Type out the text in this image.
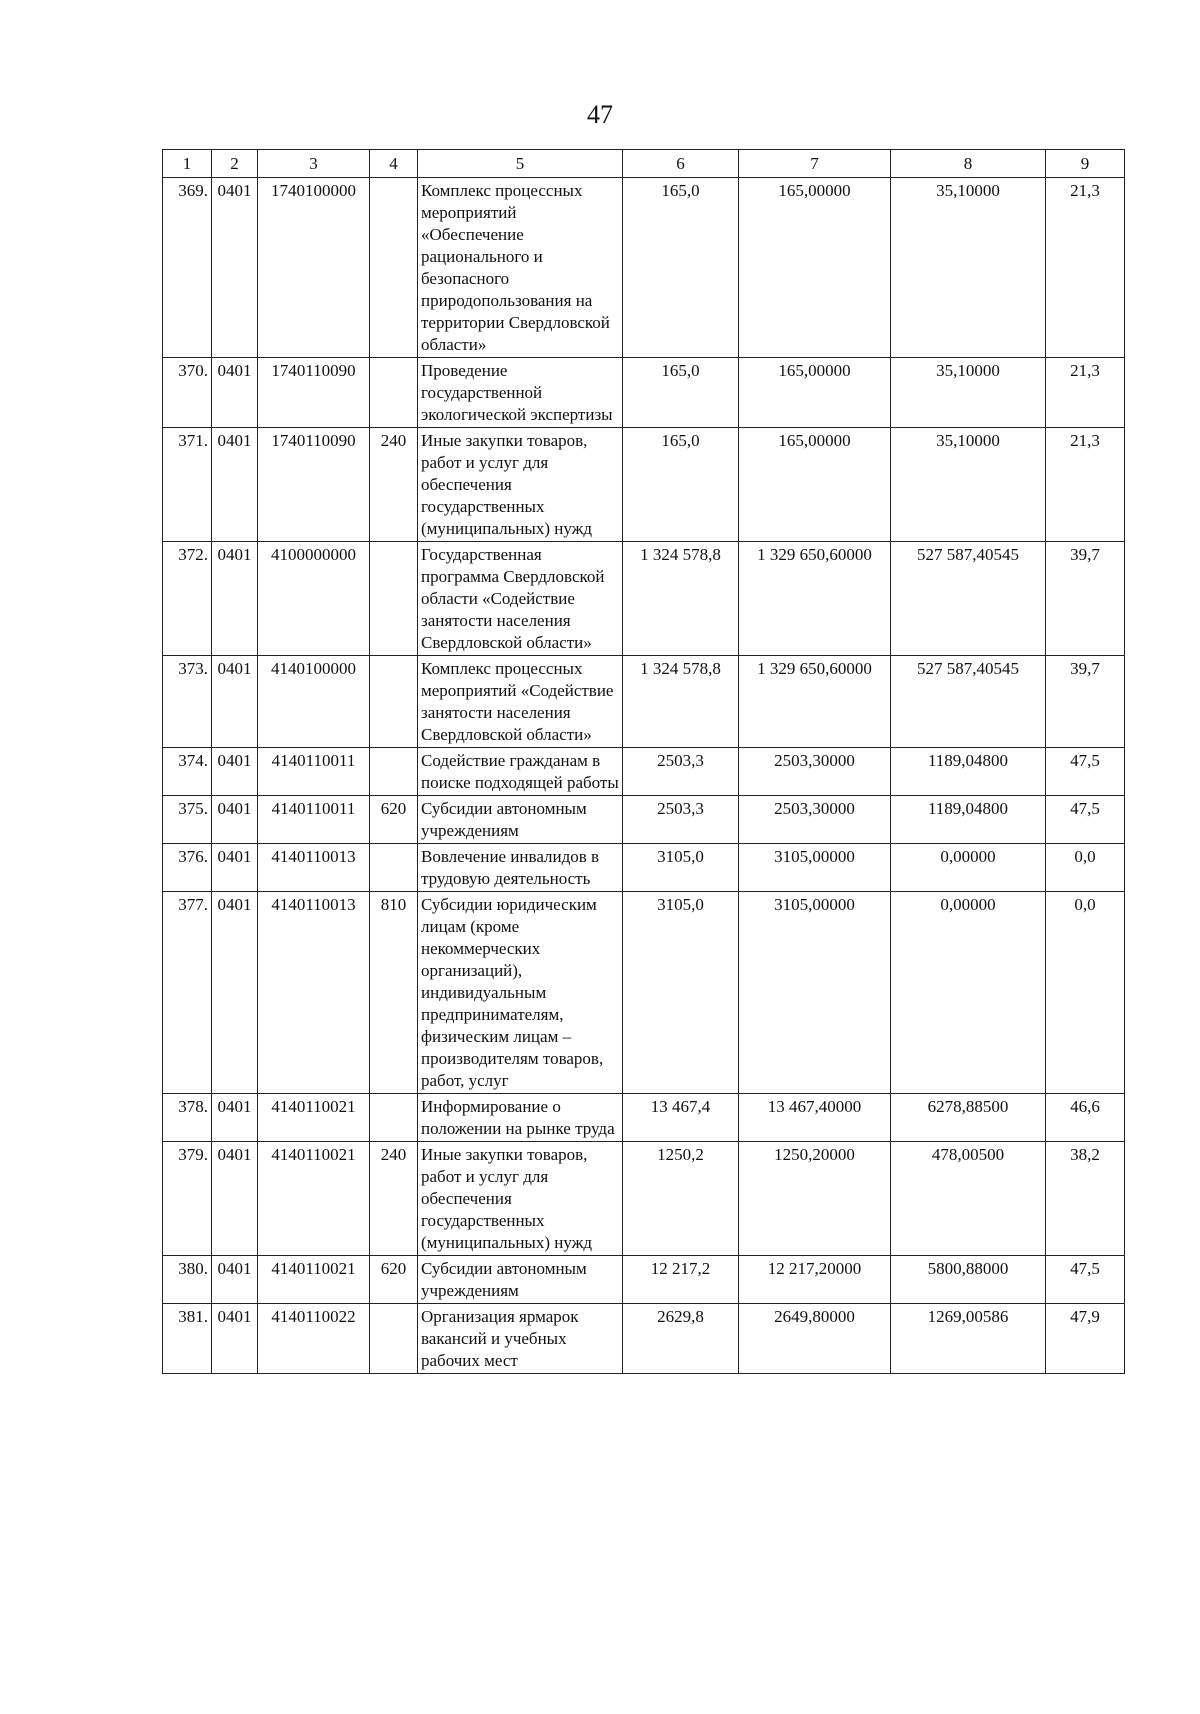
47
1	2	3	4	5	6	7	8	9
369.	0401	1740100000		Комплекс процессных мероприятий «Обеспечение рационального и безопасного природопользования на территории Свердловской области»	165,0	165,00000	35,10000	21,3
370.	0401	1740110090		Проведение государственной экологической экспертизы	165,0	165,00000	35,10000	21,3
371.	0401	1740110090	240	Иные закупки товаров, работ и услуг для обеспечения государственных (муниципальных) нужд	165,0	165,00000	35,10000	21,3
372.	0401	4100000000		Государственная программа Свердловской области «Содействие занятости населения Свердловской области»	1 324 578,8	1 329 650,60000	527 587,40545	39,7
373.	0401	4140100000		Комплекс процессных мероприятий «Содействие занятости населения Свердловской области»	1 324 578,8	1 329 650,60000	527 587,40545	39,7
374.	0401	4140110011		Содействие гражданам в поиске подходящей работы	2503,3	2503,30000	1189,04800	47,5
375.	0401	4140110011	620	Субсидии автономным учреждениям	2503,3	2503,30000	1189,04800	47,5
376.	0401	4140110013		Вовлечение инвалидов в трудовую деятельность	3105,0	3105,00000	0,00000	0,0
377.	0401	4140110013	810	Субсидии юридическим лицам (кроме некоммерческих организаций), индивидуальным предпринимателям, физическим лицам – производителям товаров, работ, услуг	3105,0	3105,00000	0,00000	0,0
378.	0401	4140110021		Информирование о положении на рынке труда	13 467,4	13 467,40000	6278,88500	46,6
379.	0401	4140110021	240	Иные закупки товаров, работ и услуг для обеспечения государственных (муниципальных) нужд	1250,2	1250,20000	478,00500	38,2
380.	0401	4140110021	620	Субсидии автономным учреждениям	12 217,2	12 217,20000	5800,88000	47,5
381.	0401	4140110022		Организация ярмарок вакансий и учебных рабочих мест	2629,8	2649,80000	1269,00586	47,9
